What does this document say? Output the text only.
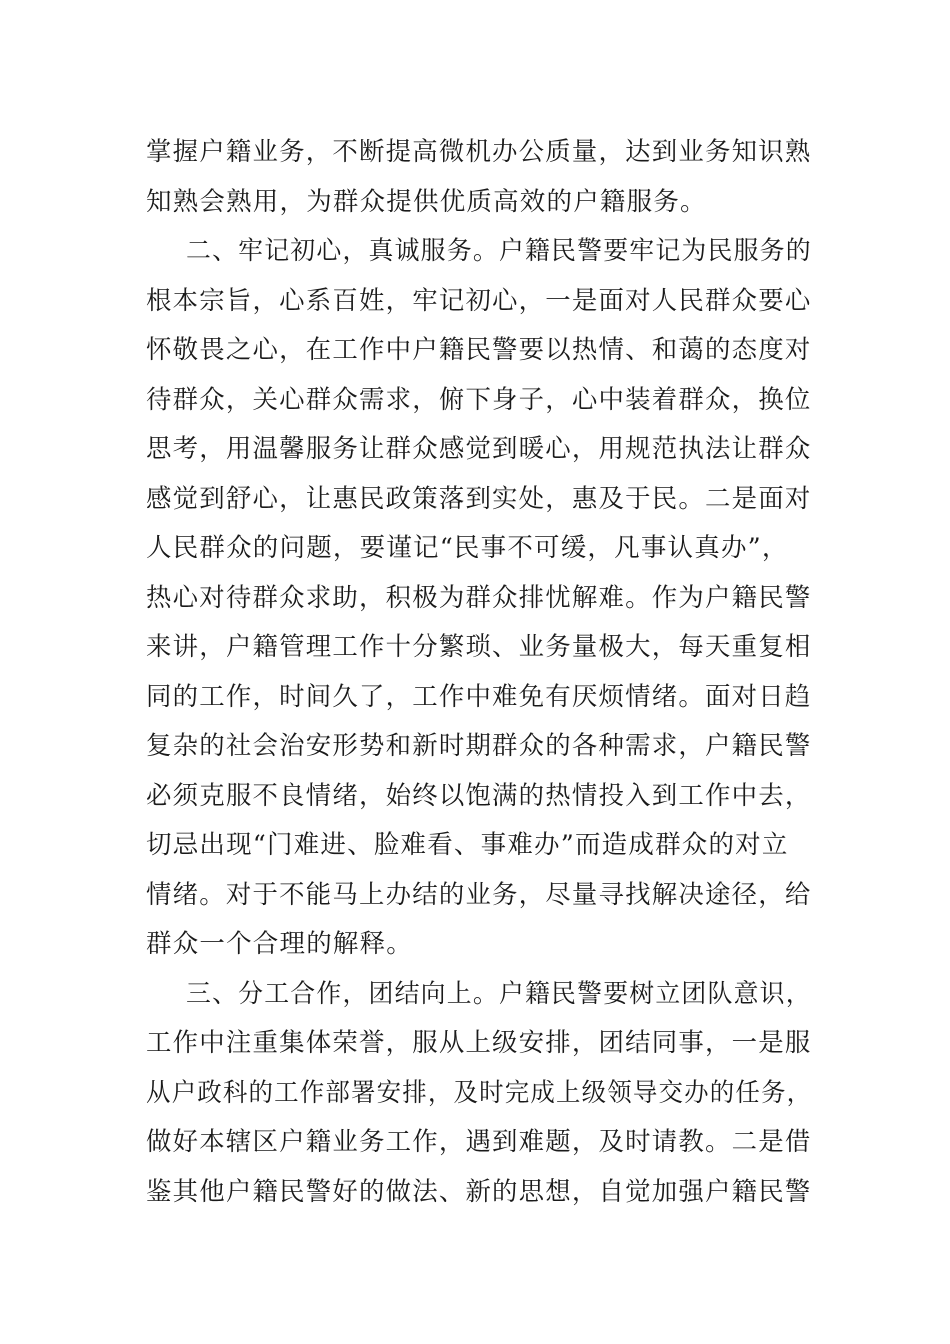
掌握户籍业务，不断提高微机办公质量，达到业务知识熟
知熟会熟用，为群众提供优质高效的户籍服务。
二、牢记初心，真诚服务。户籍民警要牢记为民服务的
根本宗旨，心系百姓，牢记初心，一是面对人民群众要心
怀敬畏之心，在工作中户籍民警要以热情、和蔼的态度对
待群众，关心群众需求，俯下身子，心中装着群众，换位
思考，用温馨服务让群众感觉到暖心，用规范执法让群众
感觉到舒心，让惠民政策落到实处，惠及于民。二是面对
人民群众的问题，要谨记“民事不可缓，凡事认真办”，
热心对待群众求助，积极为群众排忧解难。作为户籍民警
来讲，户籍管理工作十分繁琐、业务量极大，每天重复相
同的工作，时间久了，工作中难免有厌烦情绪。面对日趋
复杂的社会治安形势和新时期群众的各种需求，户籍民警
必须克服不良情绪，始终以饱满的热情投入到工作中去，
切忌出现“门难进、脸难看、事难办”而造成群众的对立
情绪。对于不能马上办结的业务，尽量寻找解决途径，给
群众一个合理的解释。
三、分工合作，团结向上。户籍民警要树立团队意识，
工作中注重集体荣誉，服从上级安排，团结同事，一是服
从户政科的工作部署安排，及时完成上级领导交办的任务，
做好本辖区户籍业务工作，遇到难题，及时请教。二是借
鉴其他户籍民警好的做法、新的思想，自觉加强户籍民警
